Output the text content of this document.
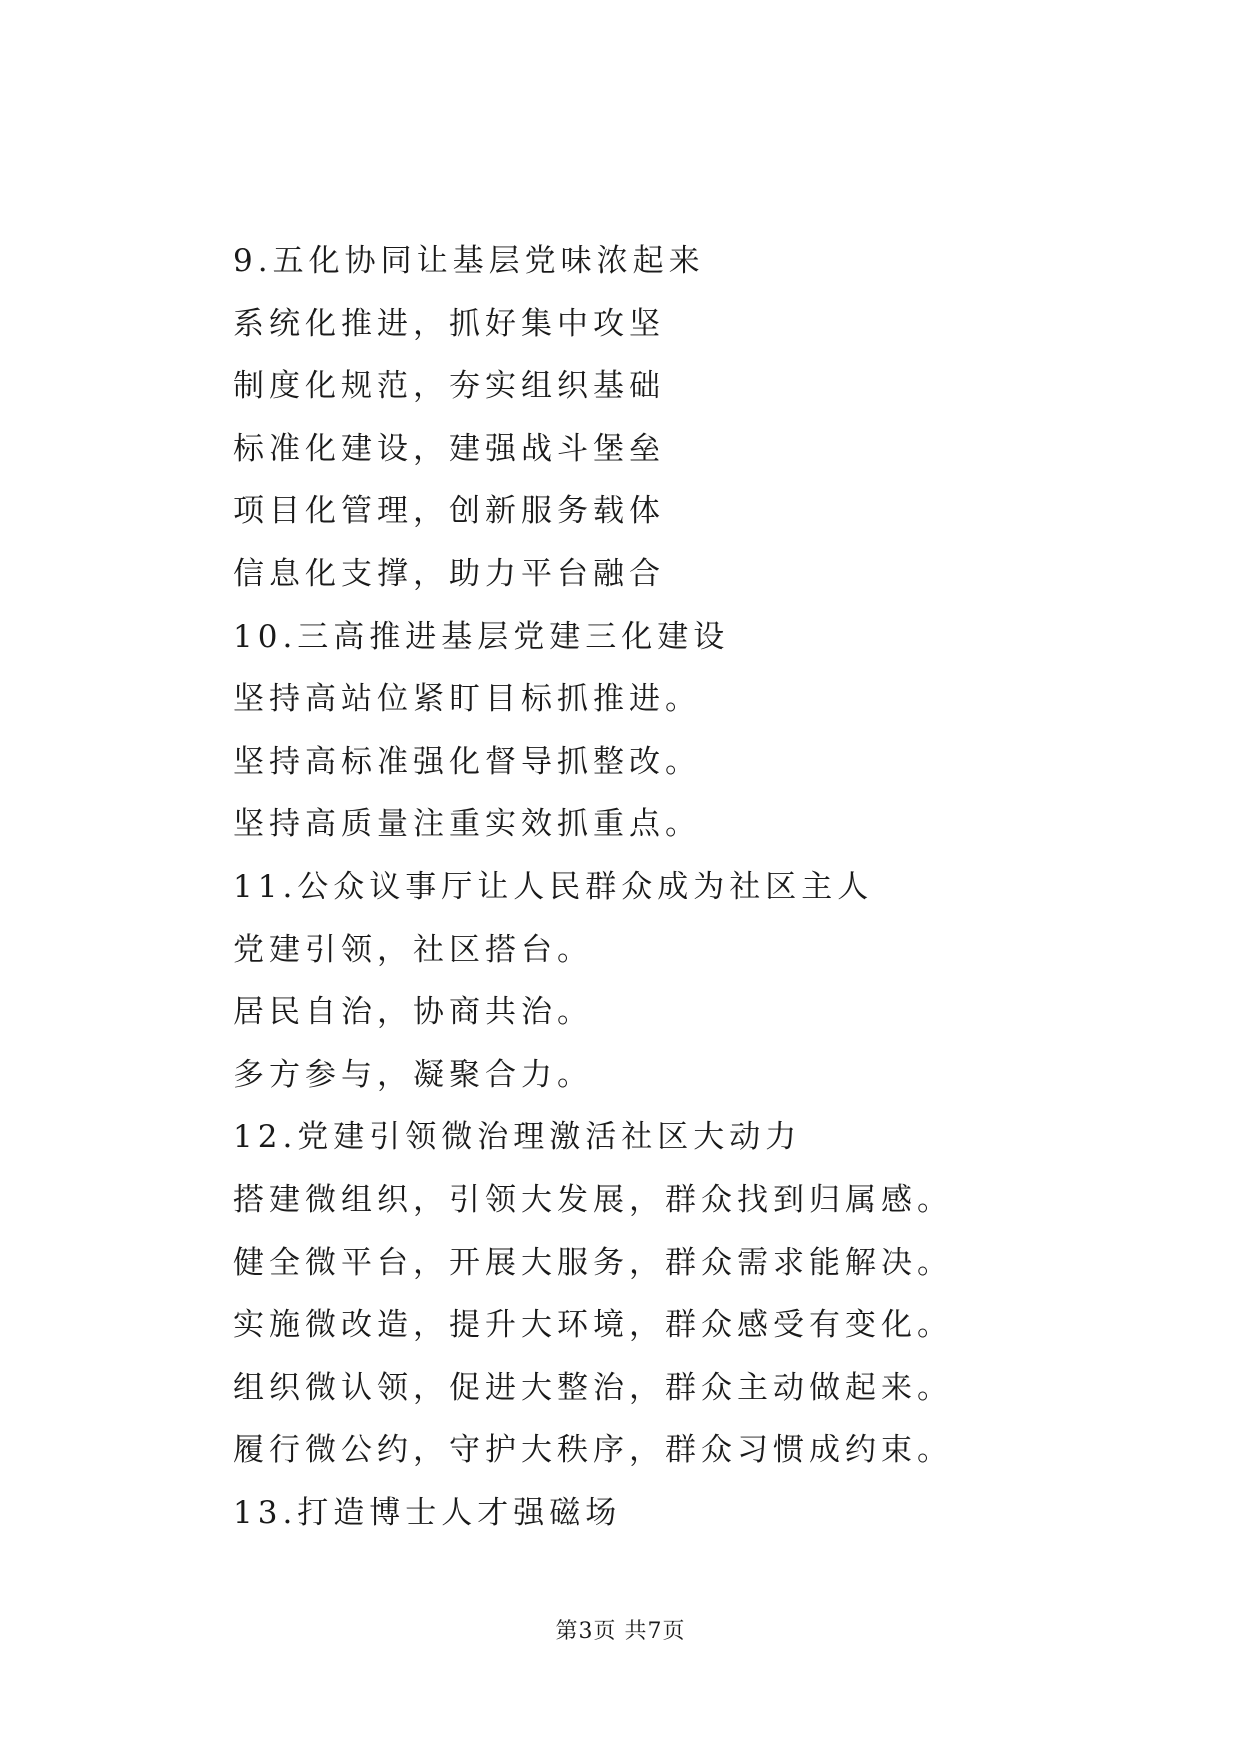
9.五化协同让基层党味浓起来
系统化推进，抓好集中攻坚
制度化规范，夯实组织基础
标准化建设，建强战斗堡垒
项目化管理，创新服务载体
信息化支撑，助力平台融合
10.三高推进基层党建三化建设
坚持高站位紧盯目标抓推进。
坚持高标准强化督导抓整改。
坚持高质量注重实效抓重点。
11.公众议事厅让人民群众成为社区主人
党建引领，社区搭台。
居民自治，协商共治。
多方参与，凝聚合力。
12.党建引领微治理激活社区大动力
搭建微组织，引领大发展，群众找到归属感。
健全微平台，开展大服务，群众需求能解决。
实施微改造，提升大环境，群众感受有变化。
组织微认领，促进大整治，群众主动做起来。
履行微公约，守护大秩序，群众习惯成约束。
13.打造博士人才强磁场
第3页 共7页
